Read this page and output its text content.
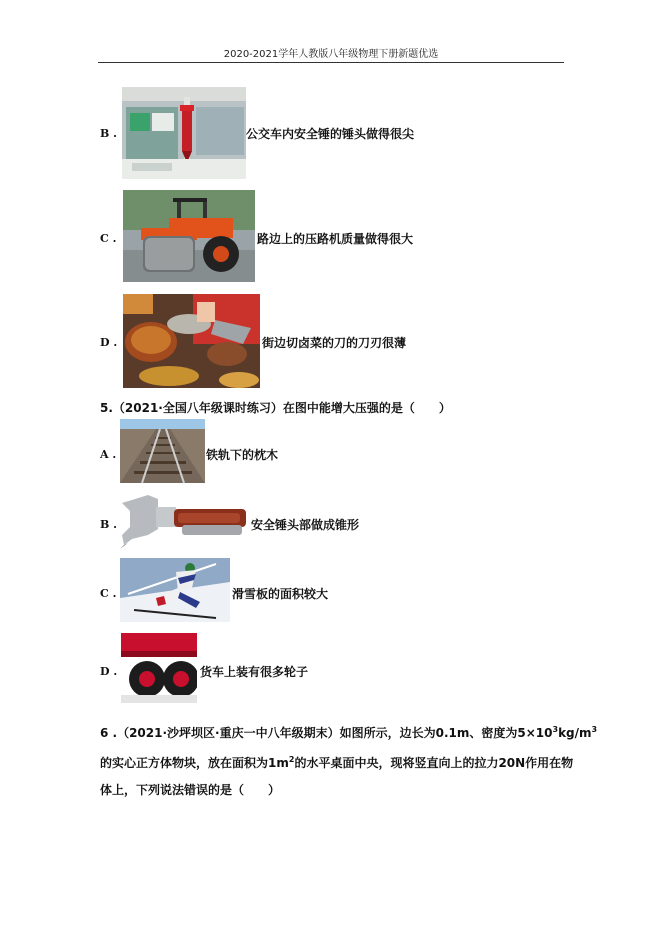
2020-2021学年人教版八年级物理下册新题优选
B .	公交车内安全锤的锤头做得很尖
C .	路边上的压路机质量做得很大
D .	街边切卤菜的刀的刀刃很薄
5.（2021·全国八年级课时练习）在图中能增大压强的是（　　）
A .	铁轨下的枕木
B .	安全锤头部做成锥形
C .	滑雪板的面积较大
D .	货车上装有很多轮子
6 .（2021·沙坪坝区·重庆一中八年级期末）如图所示，边长为0.1m、密度为$5\times 10^3kg/m^3$
的实心正方体物块，放在面积为$1m^2$的水平桌面中央，现将竖直向上的拉力20N作用在物
体上，下列说法错误的是（　　）
